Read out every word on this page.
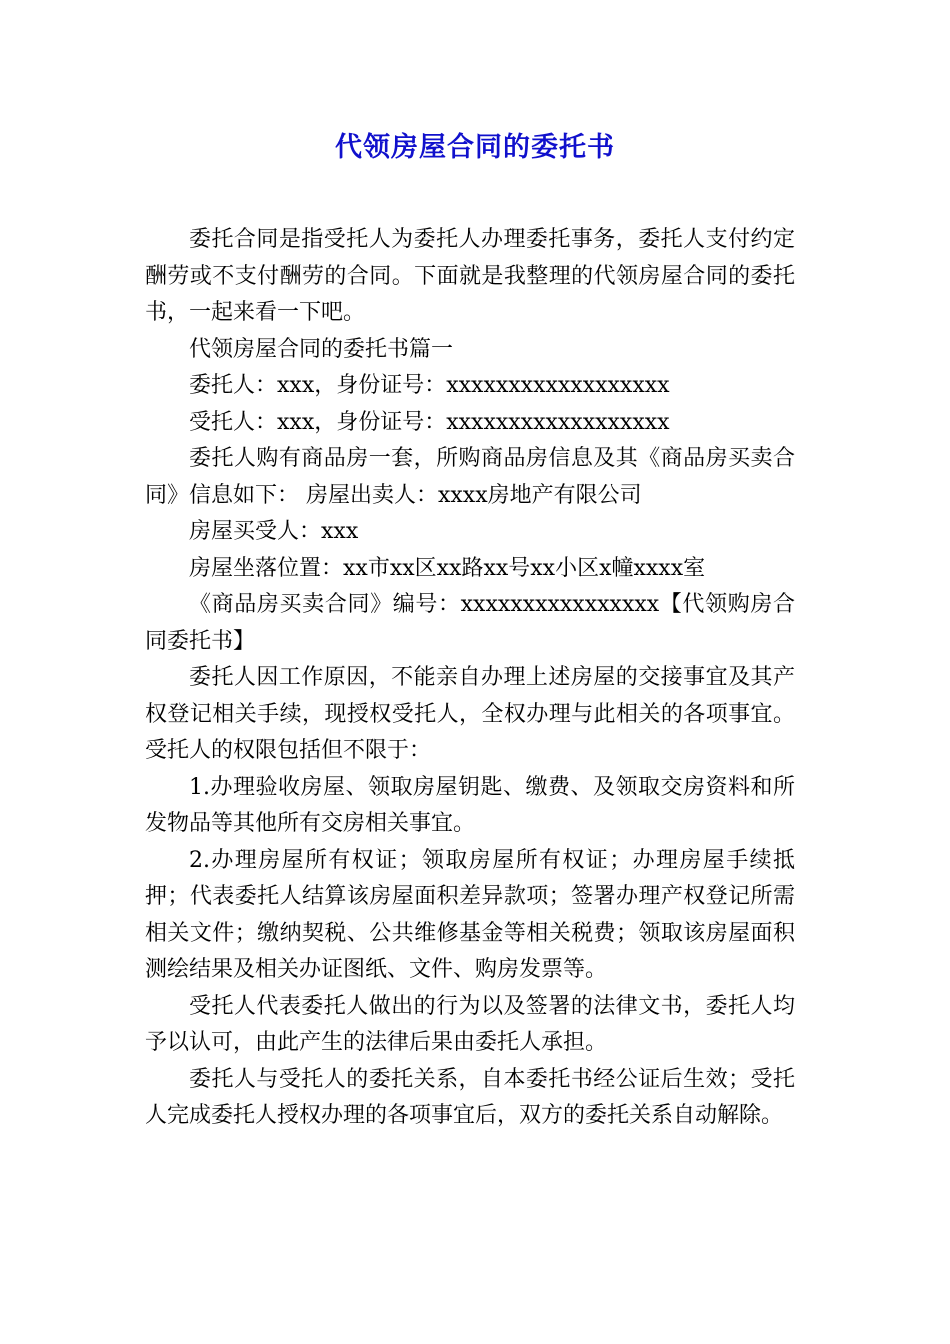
代领房屋合同的委托书

委托合同是指受托人为委托人办理委托事务，委托人支付约定酬劳或不支付酬劳的合同。下面就是我整理的代领房屋合同的委托书，一起来看一下吧。

代领房屋合同的委托书篇一

委托人：xxx，身份证号：xxxxxxxxxxxxxxxxxx

受托人：xxx，身份证号：xxxxxxxxxxxxxxxxxx

委托人购有商品房一套，所购商品房信息及其《商品房买卖合同》信息如下： 房屋出卖人：xxxx房地产有限公司

房屋买受人：xxx

房屋坐落位置：xx市xx区xx路xx号xx小区x幢xxxx室

《商品房买卖合同》编号：xxxxxxxxxxxxxxxx【代领购房合同委托书】

委托人因工作原因，不能亲自办理上述房屋的交接事宜及其产权登记相关手续，现授权受托人，全权办理与此相关的各项事宜。受托人的权限包括但不限于：

1.办理验收房屋、领取房屋钥匙、缴费、及领取交房资料和所发物品等其他所有交房相关事宜。

2.办理房屋所有权证；领取房屋所有权证；办理房屋手续抵押；代表委托人结算该房屋面积差异款项；签署办理产权登记所需相关文件；缴纳契税、公共维修基金等相关税费；领取该房屋面积测绘结果及相关办证图纸、文件、购房发票等。

受托人代表委托人做出的行为以及签署的法律文书，委托人均予以认可，由此产生的法律后果由委托人承担。

委托人与受托人的委托关系，自本委托书经公证后生效；受托人完成委托人授权办理的各项事宜后，双方的委托关系自动解除。
